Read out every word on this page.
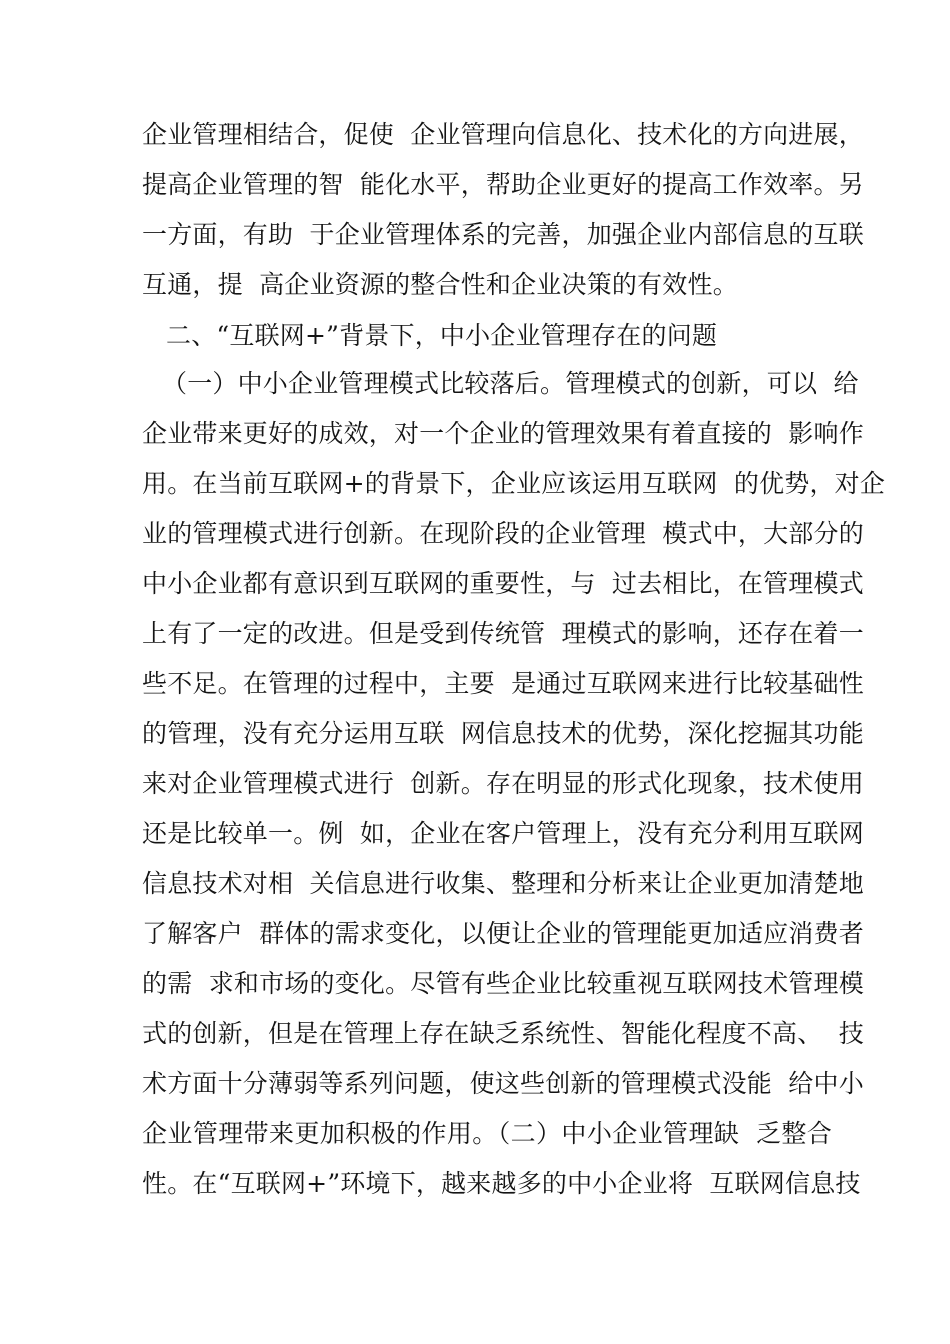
企业管理相结合，促使  企业管理向信息化、技术化的方向进展，
提高企业管理的智  能化水平，帮助企业更好的提高工作效率。另
一方面，有助  于企业管理体系的完善，加强企业内部信息的互联
互通，提  高企业资源的整合性和企业决策的有效性。
二、“互联网+”背景下，中小企业管理存在的问题
（一）中小企业管理模式比较落后。管理模式的创新，可以  给
企业带来更好的成效，对一个企业的管理效果有着直接的  影响作
用。在当前互联网+的背景下，企业应该运用互联网  的优势，对企
业的管理模式进行创新。在现阶段的企业管理  模式中，大部分的
中小企业都有意识到互联网的重要性，与  过去相比，在管理模式
上有了一定的改进。但是受到传统管  理模式的影响，还存在着一
些不足。在管理的过程中，主要  是通过互联网来进行比较基础性
的管理，没有充分运用互联  网信息技术的优势，深化挖掘其功能
来对企业管理模式进行  创新。存在明显的形式化现象，技术使用
还是比较单一。例  如，企业在客户管理上，没有充分利用互联网
信息技术对相  关信息进行收集、整理和分析来让企业更加清楚地
了解客户  群体的需求变化，以便让企业的管理能更加适应消费者
的需  求和市场的变化。尽管有些企业比较重视互联网技术管理模
式的创新，但是在管理上存在缺乏系统性、智能化程度不高、  技
术方面十分薄弱等系列问题，使这些创新的管理模式没能  给中小
企业管理带来更加积极的作用。（二）中小企业管理缺  乏整合
性。在“互联网+”环境下，越来越多的中小企业将  互联网信息技
